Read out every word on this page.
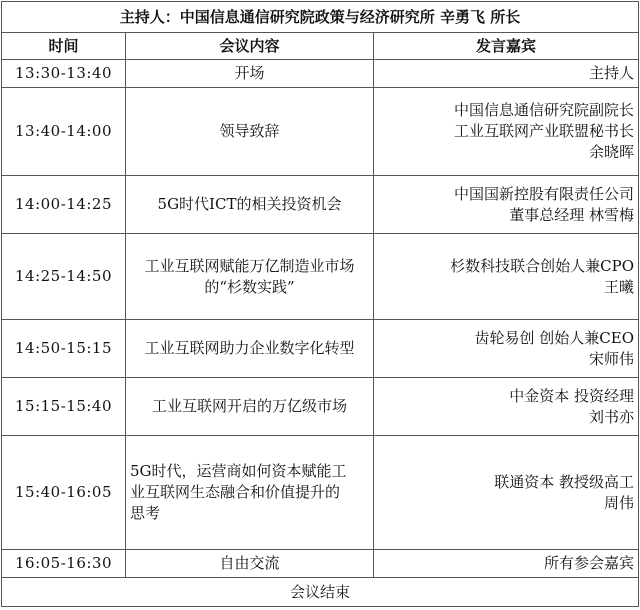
主持人：中国信息通信研究院政策与经济研究所 辛勇飞 所长		
时间	会议内容	发言嘉宾
13:30-13:40	开场	主持人

13:40-14:00	领导致辞	中国信息通信研究院副院长
工业互联网产业联盟秘书长
余晓晖

14:00-14:25	5G时代ICT的相关投资机会	中国国新控股有限责任公司
董事总经理 林雪梅

14:25-14:50	工业互联网赋能万亿制造业市场
的“杉数实践”	杉数科技联合创始人兼CPO
王曦

14:50-15:15	工业互联网助力企业数字化转型	齿轮易创 创始人兼CEO
宋师伟

15:15-15:40	工业互联网开启的万亿级市场	中金资本 投资经理
刘书亦

15:40-16:05	5G时代，运营商如何资本赋能工
业互联网生态融合和价值提升的
思考	联通资本 教授级高工
周伟

16:05-16:30	自由交流	所有参会嘉宾

会议结束		
